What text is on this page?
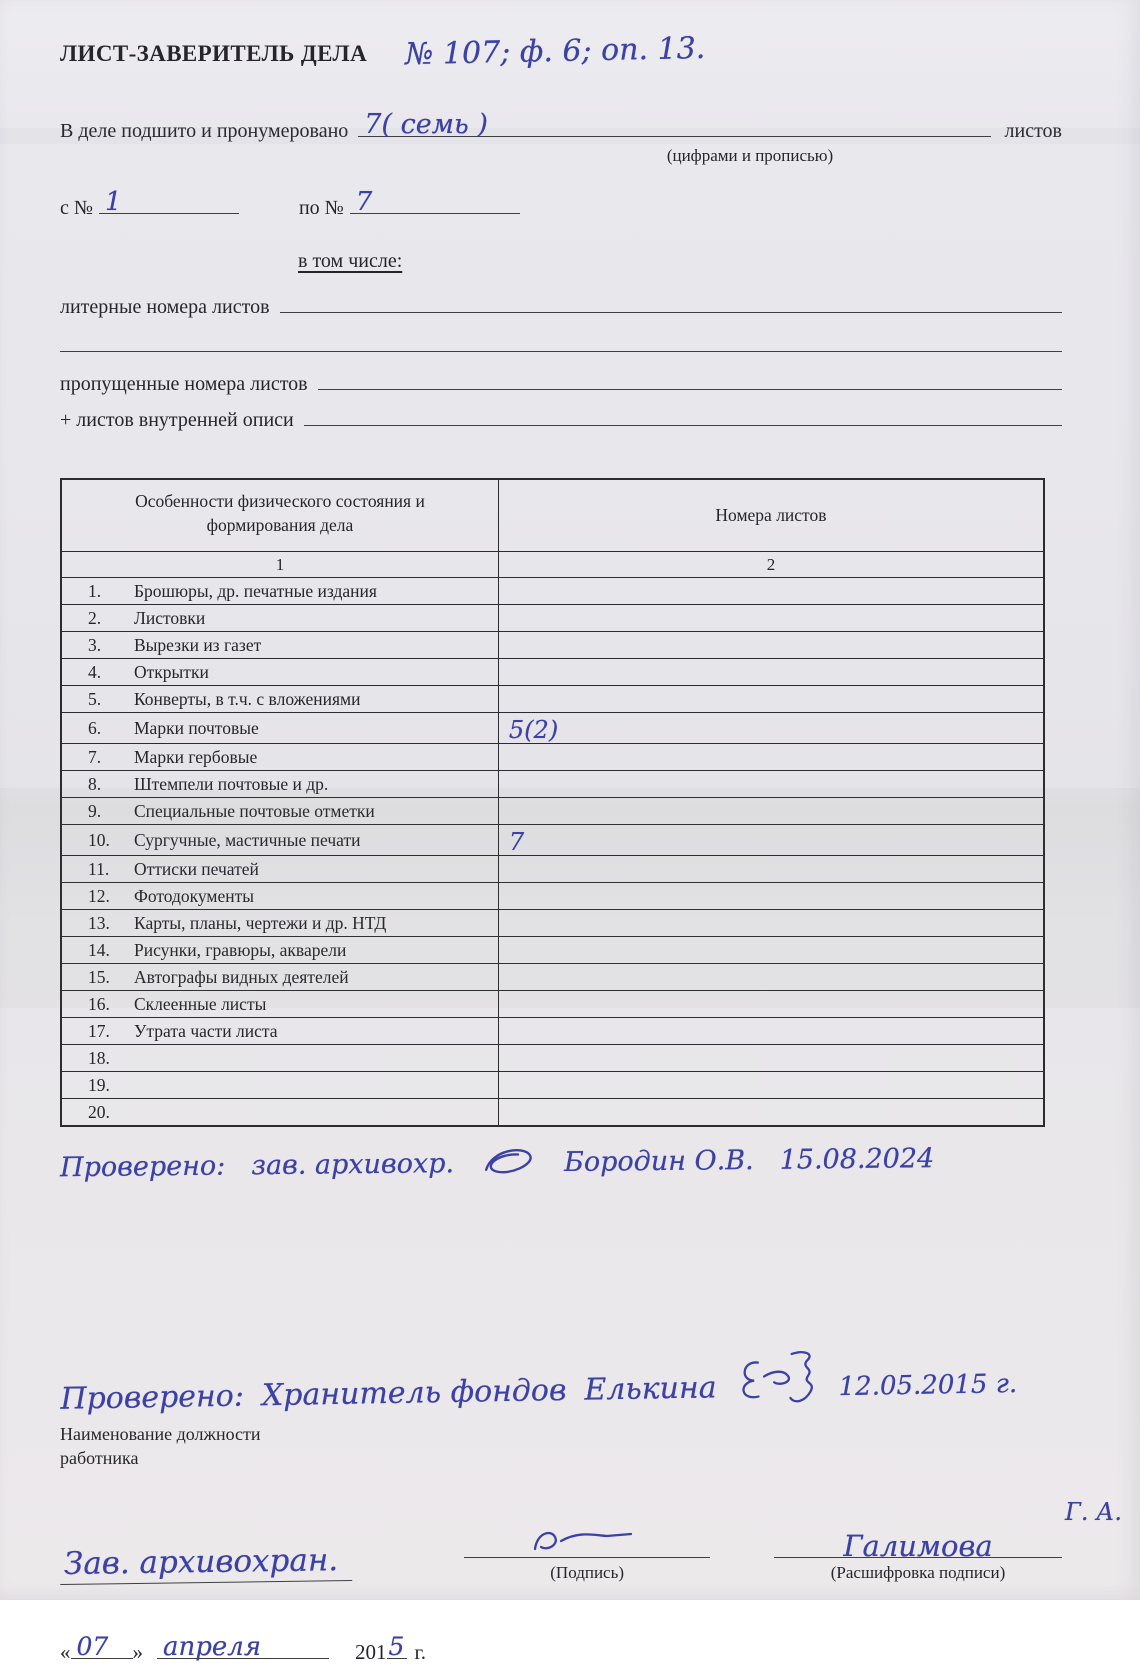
ЛИСТ-ЗАВЕРИТЕЛЬ ДЕЛА № 107; ф. 6; оп. 13.
В деле подшито и пронумеровано 7( семь )	листов
(цифрами и прописью)
с № 1	по № 7
в том числе:
литерные номера листов
пропущенные номера листов
+ листов внутренней описи
Особенности физического состояния и формирования дела	Номера листов
1	2
1. Брошюры, др. печатные издания	
2. Листовки	
3. Вырезки из газет	
4. Открытки	
5. Конверты, в т.ч. с вложениями	
6. Марки почтовые	5(2)
7. Марки гербовые	
8. Штемпели почтовые и др.	
9. Специальные почтовые отметки	
10. Сургучные, мастичные печати	7
11. Оттиски печатей	
12. Фотодокументы	
13. Карты, планы, чертежи и др. НТД	
14. Рисунки, гравюры, акварели	
15. Автографы видных деятелей	
16. Склеенные листы	
17. Утрата части листа	
18.	
19.	
20.	
Проверено: зав. архивохр.	Бородин О.В. 15.08.2024
Проверено: Хранитель фондов Елькина	12.05.2015 г.
Наименование должности
работника
Зав. архивохран.	(Подпись)
Г. А.
Галимова
(Расшифровка подписи)
« 07 » апреля	201 5 г.
